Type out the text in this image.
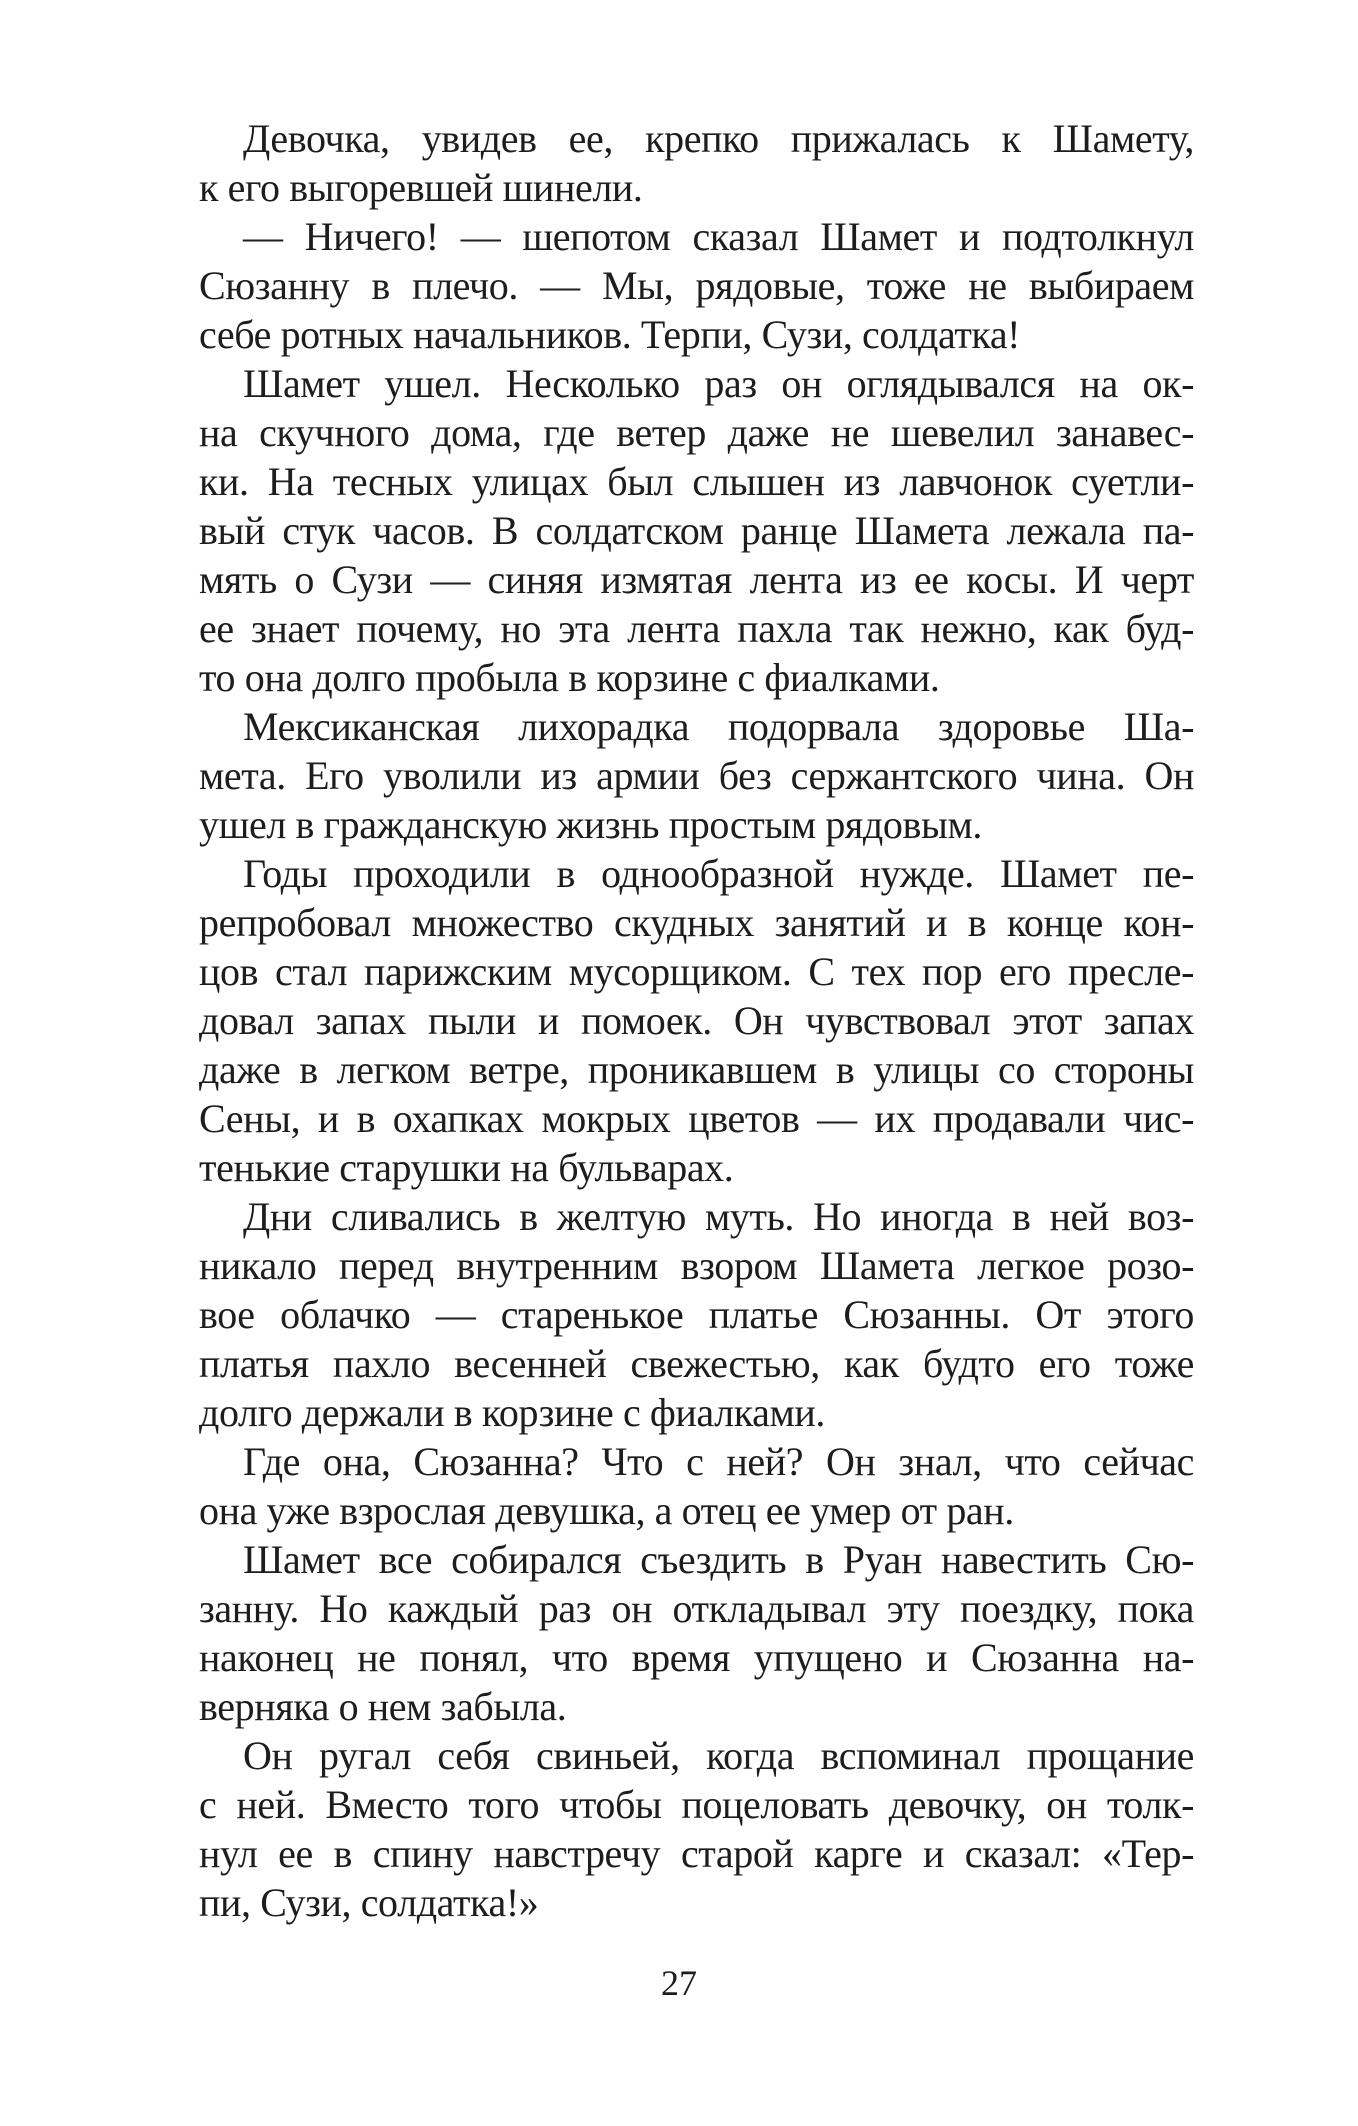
Девочка, увидев ее, крепко прижалась к Шамету,
к его выгоревшей шинели.
— Ничего! — шепотом сказал Шамет и подтолкнул
Сюзанну в плечо. — Мы, рядовые, тоже не выбираем
себе ротных начальников. Терпи, Сузи, солдатка!
Шамет ушел. Несколько раз он оглядывался на ок-
на скучного дома, где ветер даже не шевелил занавес-
ки. На тесных улицах был слышен из лавчонок суетли-
вый стук часов. В солдатском ранце Шамета лежала па-
мять о Сузи — синяя измятая лента из ее косы. И черт
ее знает почему, но эта лента пахла так нежно, как буд-
то она долго пробыла в корзине с фиалками.
Мексиканская лихорадка подорвала здоровье Ша-
мета. Его уволили из армии без сержантского чина. Он
ушел в гражданскую жизнь простым рядовым.
Годы проходили в однообразной нужде. Шамет пе-
репробовал множество скудных занятий и в конце кон-
цов стал парижским мусорщиком. С тех пор его пресле-
довал запах пыли и помоек. Он чувствовал этот запах
даже в легком ветре, проникавшем в улицы со стороны
Сены, и в охапках мокрых цветов — их продавали чис-
тенькие старушки на бульварах.
Дни сливались в желтую муть. Но иногда в ней воз-
никало перед внутренним взором Шамета легкое розо-
вое облачко — старенькое платье Сюзанны. От этого
платья пахло весенней свежестью, как будто его тоже
долго держали в корзине с фиалками.
Где она, Сюзанна? Что с ней? Он знал, что сейчас
она уже взрослая девушка, а отец ее умер от ран.
Шамет все собирался съездить в Руан навестить Сю-
занну. Но каждый раз он откладывал эту поездку, пока
наконец не понял, что время упущено и Сюзанна на-
верняка о нем забыла.
Он ругал себя свиньей, когда вспоминал прощание
с ней. Вместо того чтобы поцеловать девочку, он толк-
нул ее в спину навстречу старой карге и сказал: «Тер-
пи, Сузи, солдатка!»
27
